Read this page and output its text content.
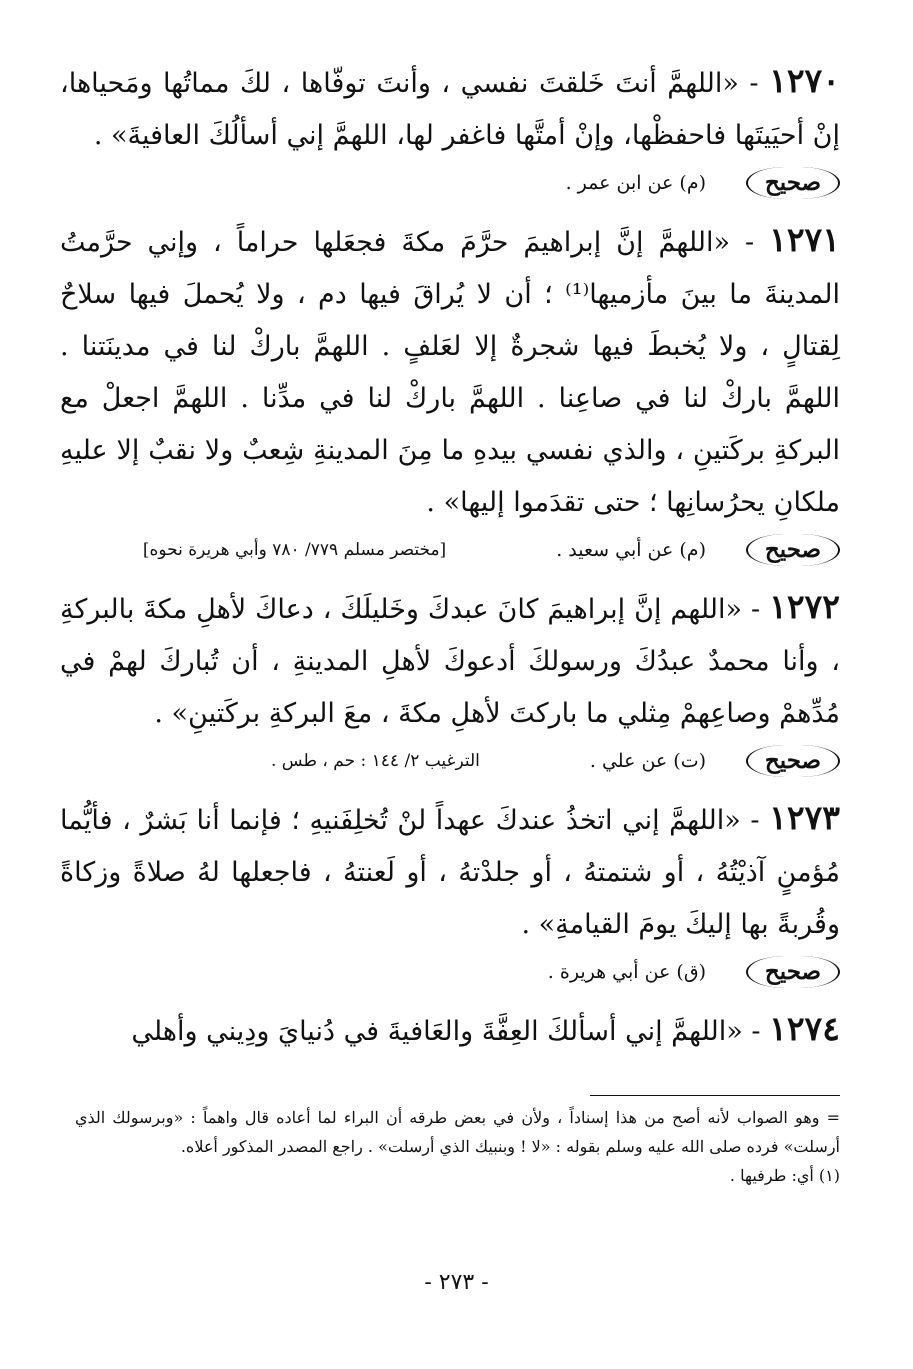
١٢٧٠ - «اللهمَّ أنتَ خَلقتَ نفسي ، وأنتَ توفّاها ، لكَ مماتُها ومَحياها، إنْ أحيَيتَها فاحفظْها، وإنْ أمتَّها فاغفر لها، اللهمَّ إني أسألُكَ العافيةَ» .

صحيح
(م) عن ابن عمر .

١٢٧١ - «اللهمَّ إنَّ إبراهيمَ حرَّمَ مكةَ فجعَلها حراماً ، وإني حرَّمتُ المدينةَ ما بينَ مأزميها⁽¹⁾ ؛ أن لا يُراقَ فيها دم ، ولا يُحملَ فيها سلاحٌ لِقتالٍ ، ولا يُخبطَ فيها شجرةٌ إلا لعَلفٍ . اللهمَّ باركْ لنا في مدينَتنا . اللهمَّ باركْ لنا في صاعِنا . اللهمَّ باركْ لنا في مدِّنا . اللهمَّ اجعلْ مع البركةِ بركَتينِ ، والذي نفسي بيدهِ ما مِنَ المدينةِ شِعبٌ ولا نقبٌ إلا عليهِ ملكانِ يحرُسانِها ؛ حتى تقدَموا إليها» .

صحيح
(م) عن أبي سعيد .
[مختصر مسلم ٧٧٩/ ٧٨٠ وأبي هريرة نحوه]

١٢٧٢ - «اللهم إنَّ إبراهيمَ كانَ عبدكَ وخَليلَكَ ، دعاكَ لأهلِ مكةَ بالبركةِ ، وأنا محمدٌ عبدُكَ ورسولكَ أدعوكَ لأهلِ المدينةِ ، أن تُباركَ لهمْ في مُدِّهمْ وصاعِهمْ مِثلي ما باركتَ لأهلِ مكةَ ، معَ البركةِ بركَتينِ» .

صحيح
(ت) عن علي .
الترغيب ٢/ ١٤٤ : حم ، طس .

١٢٧٣ - «اللهمَّ إني اتخذُ عندكَ عهداً لنْ تُخلِفَنيهِ ؛ فإنما أنا بَشرٌ ، فأيُّما مُؤمنٍ آذيْتُهُ ، أو شتمتهُ ، أو جلدْتهُ ، أو لَعنتهُ ، فاجعلها لهُ صلاةً وزكاةً وقُربةً بها إليكَ يومَ القيامةِ» .

صحيح
(ق) عن أبي هريرة .

١٢٧٤ - «اللهمَّ إني أسألكَ العِفَّةَ والعَافيةَ في دُنيايَ ودِيني وأهلي

= وهو الصواب لأنه أصح من هذا إسناداً ، ولأن في بعض طرقه أن البراء لما أعاده قال واهماً : «وبرسولك الذي أرسلت» فرده صلى الله عليه وسلم بقوله : «لا ! وبنبيك الذي أرسلت» . راجع المصدر المذكور أعلاه.

(١) أي: طرفيها .

- ٢٧٣ -
